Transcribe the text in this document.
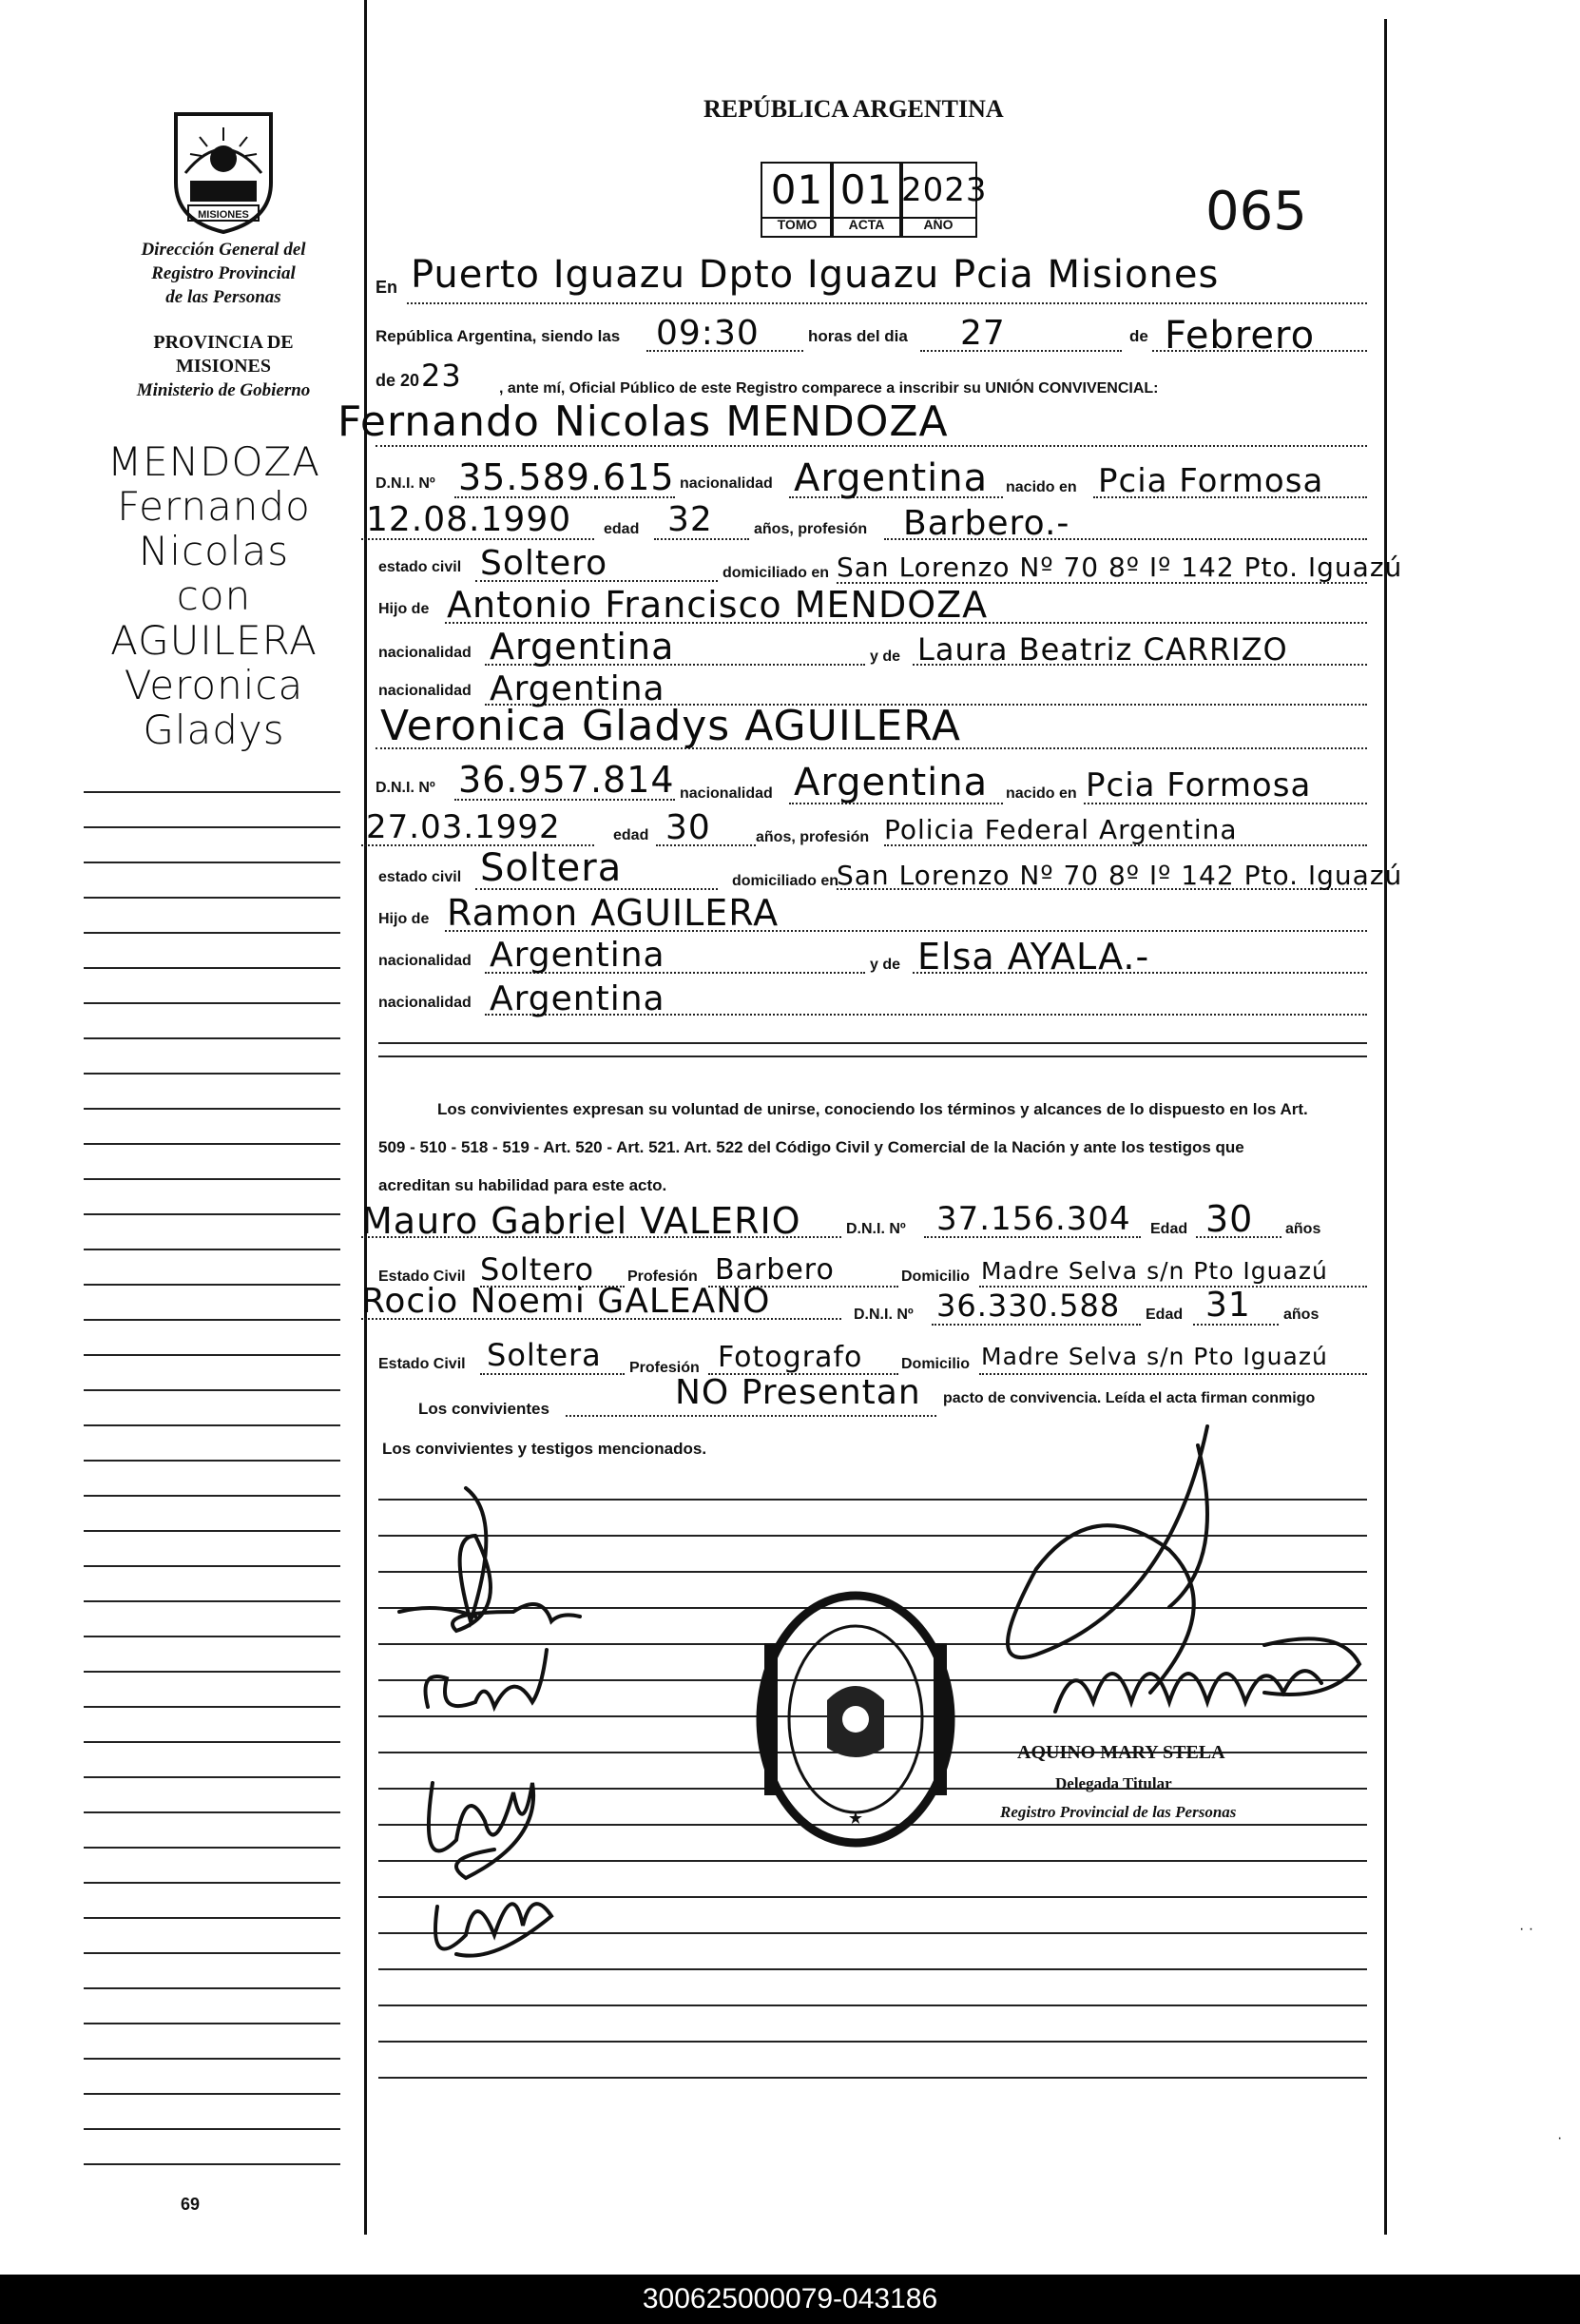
MISIONES
Dirección General del
Registro Provincial
de las Personas
PROVINCIA DE
MISIONES
Ministerio de Gobierno
MENDOZA
Fernando
Nicolas
con
AGUILERA
Veronica
Gladys
REPÚBLICA ARGENTINA
01 01 2023
TOMO	ACTA	AÑO	065
En Puerto Iguazu Dpto Iguazu Pcia Misiones
República Argentina, siendo las 09:30	horas del dia 27	de Febrero
de 20 23 , ante mí, Oficial Público de este Registro comparece a inscribir su UNIÓN CONVIVENCIAL:
Fernando Nicolas MENDOZA
D.N.I. Nº 35.589.615 nacionalidad Argentina nacido en Pcia Formosa
12.08.1990 edad 32	años, profesión Barbero.-
estado civil Soltero	domiciliado en San Lorenzo Nº 70 8º Iº 142 Pto. Iguazú
Hijo de Antonio Francisco MENDOZA
nacionalidad Argentina	y de Laura Beatriz CARRIZO
nacionalidad Argentina
Veronica Gladys AGUILERA
D.N.I. Nº 36.957.814 nacionalidad Argentina nacido en Pcia Formosa
27.03.1992	edad 30	años, profesión Policia Federal Argentina
estado civil Soltera	domiciliado en
San Lorenzo Nº 70 8º Iº 142 Pto. Iguazú
Hijo de Ramon AGUILERA
nacionalidad Argentina	y de Elsa AYALA.-
nacionalidad Argentina
Los convivientes expresan su voluntad de unirse, conociendo los términos y alcances de lo dispuesto en los Art.
509 - 510 - 518 - 519 - Art. 520 - Art. 521. Art. 522 del Código Civil y Comercial de la Nación y ante los testigos que
acreditan su habilidad para este acto.
Mauro Gabriel VALERIO	D.N.I. Nº 37.156.304 Edad 30 años
Estado Civil Soltero Profesión Barbero	Domicilio Madre Selva s/n Pto Iguazú
Rocio Noemi GALEANO	D.N.I. Nº 36.330.588 Edad 31 años
Estado Civil Soltera Profesión Fotografo	Domicilio Madre Selva s/n Pto Iguazú
Los convivientes	NO Presentan pacto de convivencia. Leída el acta firman conmigo
Los convivientes y testigos mencionados.
★
AQUINO MARY STELA
Delegada Titular
Registro Provincial de las Personas
69
· ·
·
300625000079-043186
